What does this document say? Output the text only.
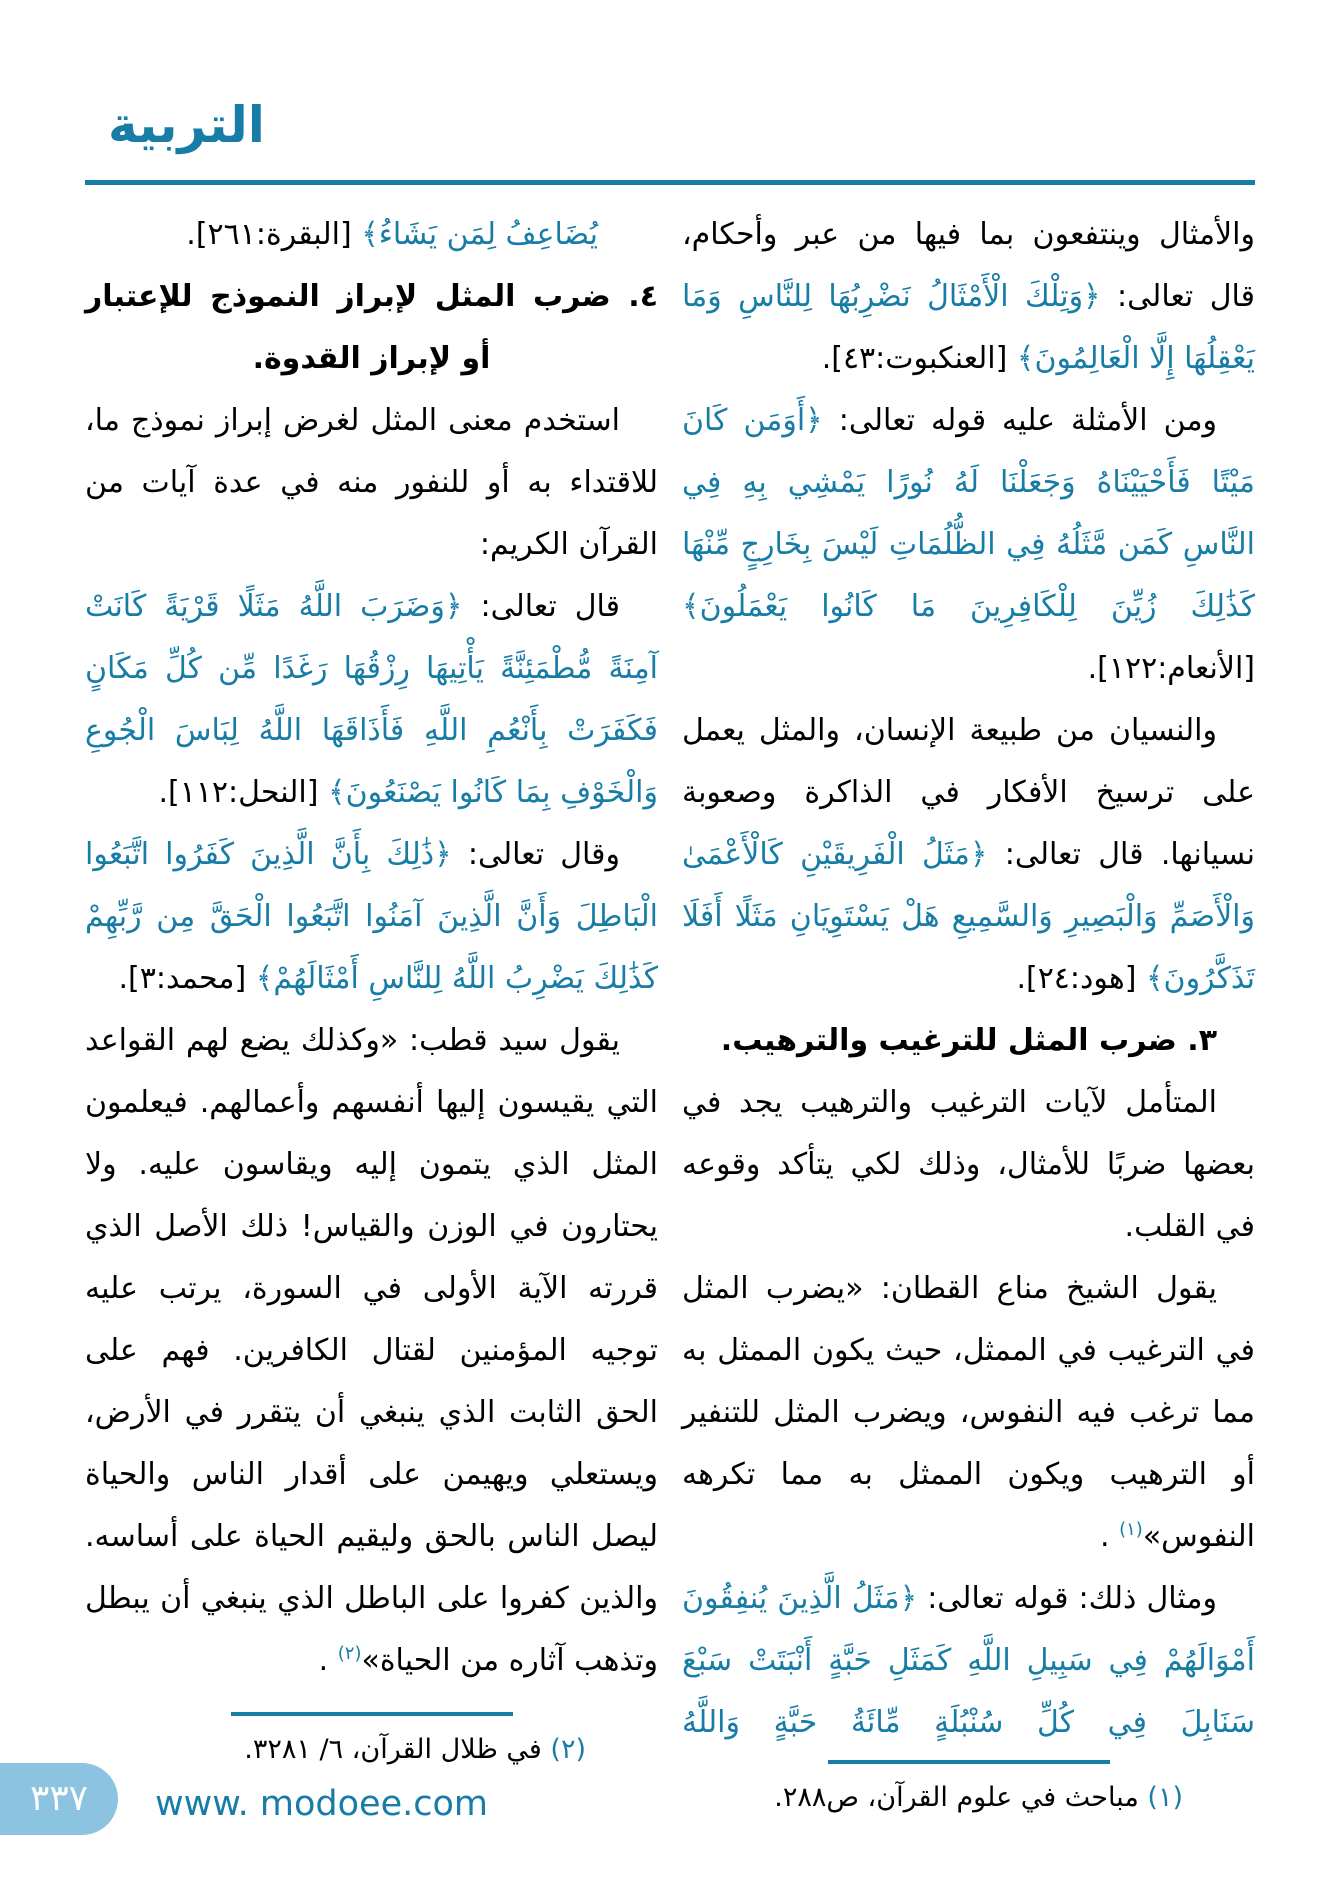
التربية

والأمثال وينتفعون بما فيها من عبر وأحكام، قال تعالى: ﴿وَتِلْكَ الْأَمْثَالُ نَضْرِبُهَا لِلنَّاسِ وَمَا يَعْقِلُهَا إِلَّا الْعَالِمُونَ﴾ [العنكبوت:٤٣].

ومن الأمثلة عليه قوله تعالى: ﴿أَوَمَن كَانَ مَيْتًا فَأَحْيَيْنَاهُ وَجَعَلْنَا لَهُ نُورًا يَمْشِي بِهِ فِي النَّاسِ كَمَن مَّثَلُهُ فِي الظُّلُمَاتِ لَيْسَ بِخَارِجٍ مِّنْهَا كَذَٰلِكَ زُيِّنَ لِلْكَافِرِينَ مَا كَانُوا يَعْمَلُونَ﴾ [الأنعام:١٢٢].

والنسيان من طبيعة الإنسان، والمثل يعمل على ترسيخ الأفكار في الذاكرة وصعوبة نسيانها. قال تعالى: ﴿مَثَلُ الْفَرِيقَيْنِ كَالْأَعْمَىٰ وَالْأَصَمِّ وَالْبَصِيرِ وَالسَّمِيعِ هَلْ يَسْتَوِيَانِ مَثَلًا أَفَلَا تَذَكَّرُونَ﴾ [هود:٢٤].

٣. ضرب المثل للترغيب والترهيب.

المتأمل لآيات الترغيب والترهيب يجد في بعضها ضربًا للأمثال، وذلك لكي يتأكد وقوعه في القلب.

يقول الشيخ مناع القطان: «يضرب المثل في الترغيب في الممثل، حيث يكون الممثل به مما ترغب فيه النفوس، ويضرب المثل للتنفير أو الترهيب ويكون الممثل به مما تكرهه النفوس»$^{(١)}$ .

ومثال ذلك: قوله تعالى: ﴿مَثَلُ الَّذِينَ يُنفِقُونَ أَمْوَالَهُمْ فِي سَبِيلِ اللَّهِ كَمَثَلِ حَبَّةٍ أَنْبَتَتْ سَبْعَ سَنَابِلَ فِي كُلِّ سُنْبُلَةٍ مِّائَةُ حَبَّةٍ وَاللَّهُ

(١) مباحث في علوم القرآن، ص٢٨٨.

يُضَاعِفُ لِمَن يَشَاءُ﴾ [البقرة:٢٦١].

٤. ضرب المثل لإبراز النموذج للإعتبار أو لإبراز القدوة.

استخدم معنى المثل لغرض إبراز نموذج ما، للاقتداء به أو للنفور منه في عدة آيات من القرآن الكريم:

قال تعالى: ﴿وَضَرَبَ اللَّهُ مَثَلًا قَرْيَةً كَانَتْ آمِنَةً مُّطْمَئِنَّةً يَأْتِيهَا رِزْقُهَا رَغَدًا مِّن كُلِّ مَكَانٍ فَكَفَرَتْ بِأَنْعُمِ اللَّهِ فَأَذَاقَهَا اللَّهُ لِبَاسَ الْجُوعِ وَالْخَوْفِ بِمَا كَانُوا يَصْنَعُونَ﴾ [النحل:١١٢].

وقال تعالى: ﴿ذَٰلِكَ بِأَنَّ الَّذِينَ كَفَرُوا اتَّبَعُوا الْبَاطِلَ وَأَنَّ الَّذِينَ آمَنُوا اتَّبَعُوا الْحَقَّ مِن رَّبِّهِمْ كَذَٰلِكَ يَضْرِبُ اللَّهُ لِلنَّاسِ أَمْثَالَهُمْ﴾ [محمد:٣].

يقول سيد قطب: «وكذلك يضع لهم القواعد التي يقيسون إليها أنفسهم وأعمالهم. فيعلمون المثل الذي يتمون إليه ويقاسون عليه. ولا يحتارون في الوزن والقياس! ذلك الأصل الذي قررته الآية الأولى في السورة، يرتب عليه توجيه المؤمنين لقتال الكافرين. فهم على الحق الثابت الذي ينبغي أن يتقرر في الأرض، ويستعلي ويهيمن على أقدار الناس والحياة ليصل الناس بالحق وليقيم الحياة على أساسه. والذين كفروا على الباطل الذي ينبغي أن يبطل وتذهب آثاره من الحياة»$^{(٢)}$ .

(٢) في ظلال القرآن، ٦/ ٣٢٨١.
٣٣٧ www. modoee.com
